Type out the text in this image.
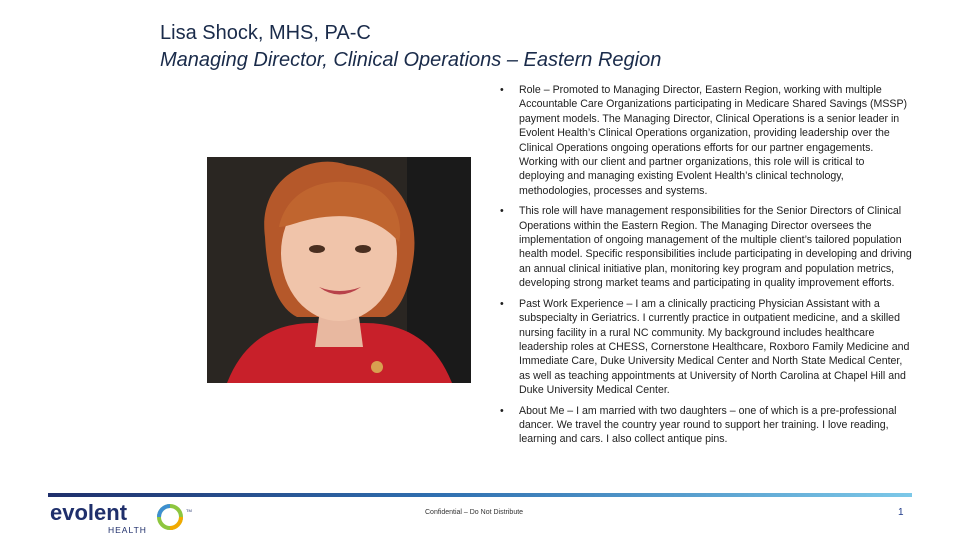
Lisa Shock, MHS, PA-C
Managing Director, Clinical Operations – Eastern Region
• Role – Promoted to Managing Director, Eastern Region, working with multiple Accountable Care Organizations participating in Medicare Shared Savings (MSSP) payment models. The Managing Director, Clinical Operations is a senior leader in Evolent Health’s Clinical Operations organization, providing leadership over the Clinical Operations ongoing operations efforts for our partner engagements. Working with our client and partner organizations, this role will is critical to deploying and managing existing Evolent Health’s clinical technology, methodologies, processes and systems.
• This role will have management responsibilities for the Senior Directors of Clinical Operations within the Eastern Region. The Managing Director oversees the implementation of ongoing management of the multiple client’s tailored population health model. Specific responsibilities include participating in developing and driving an annual clinical initiative plan, monitoring key program and population metrics, developing strong market teams and participating in quality improvement efforts.
• Past Work Experience – I am a clinically practicing Physician Assistant with a subspecialty in Geriatrics. I currently practice in outpatient medicine, and a skilled nursing facility in a rural NC community. My background includes healthcare leadership roles at CHESS, Cornerstone Healthcare, Roxboro Family Medicine and Immediate Care, Duke University Medical Center and North State Medical Center, as well as teaching appointments at University of North Carolina at Chapel Hill and Duke University Medical Center.
• About Me – I am married with two daughters – one of which is a pre-professional dancer. We travel the country year round to support her training. I love reading, learning and cars. I also collect antique pins.
evolent
HEALTH
TM	Confidential – Do Not Distribute	1
